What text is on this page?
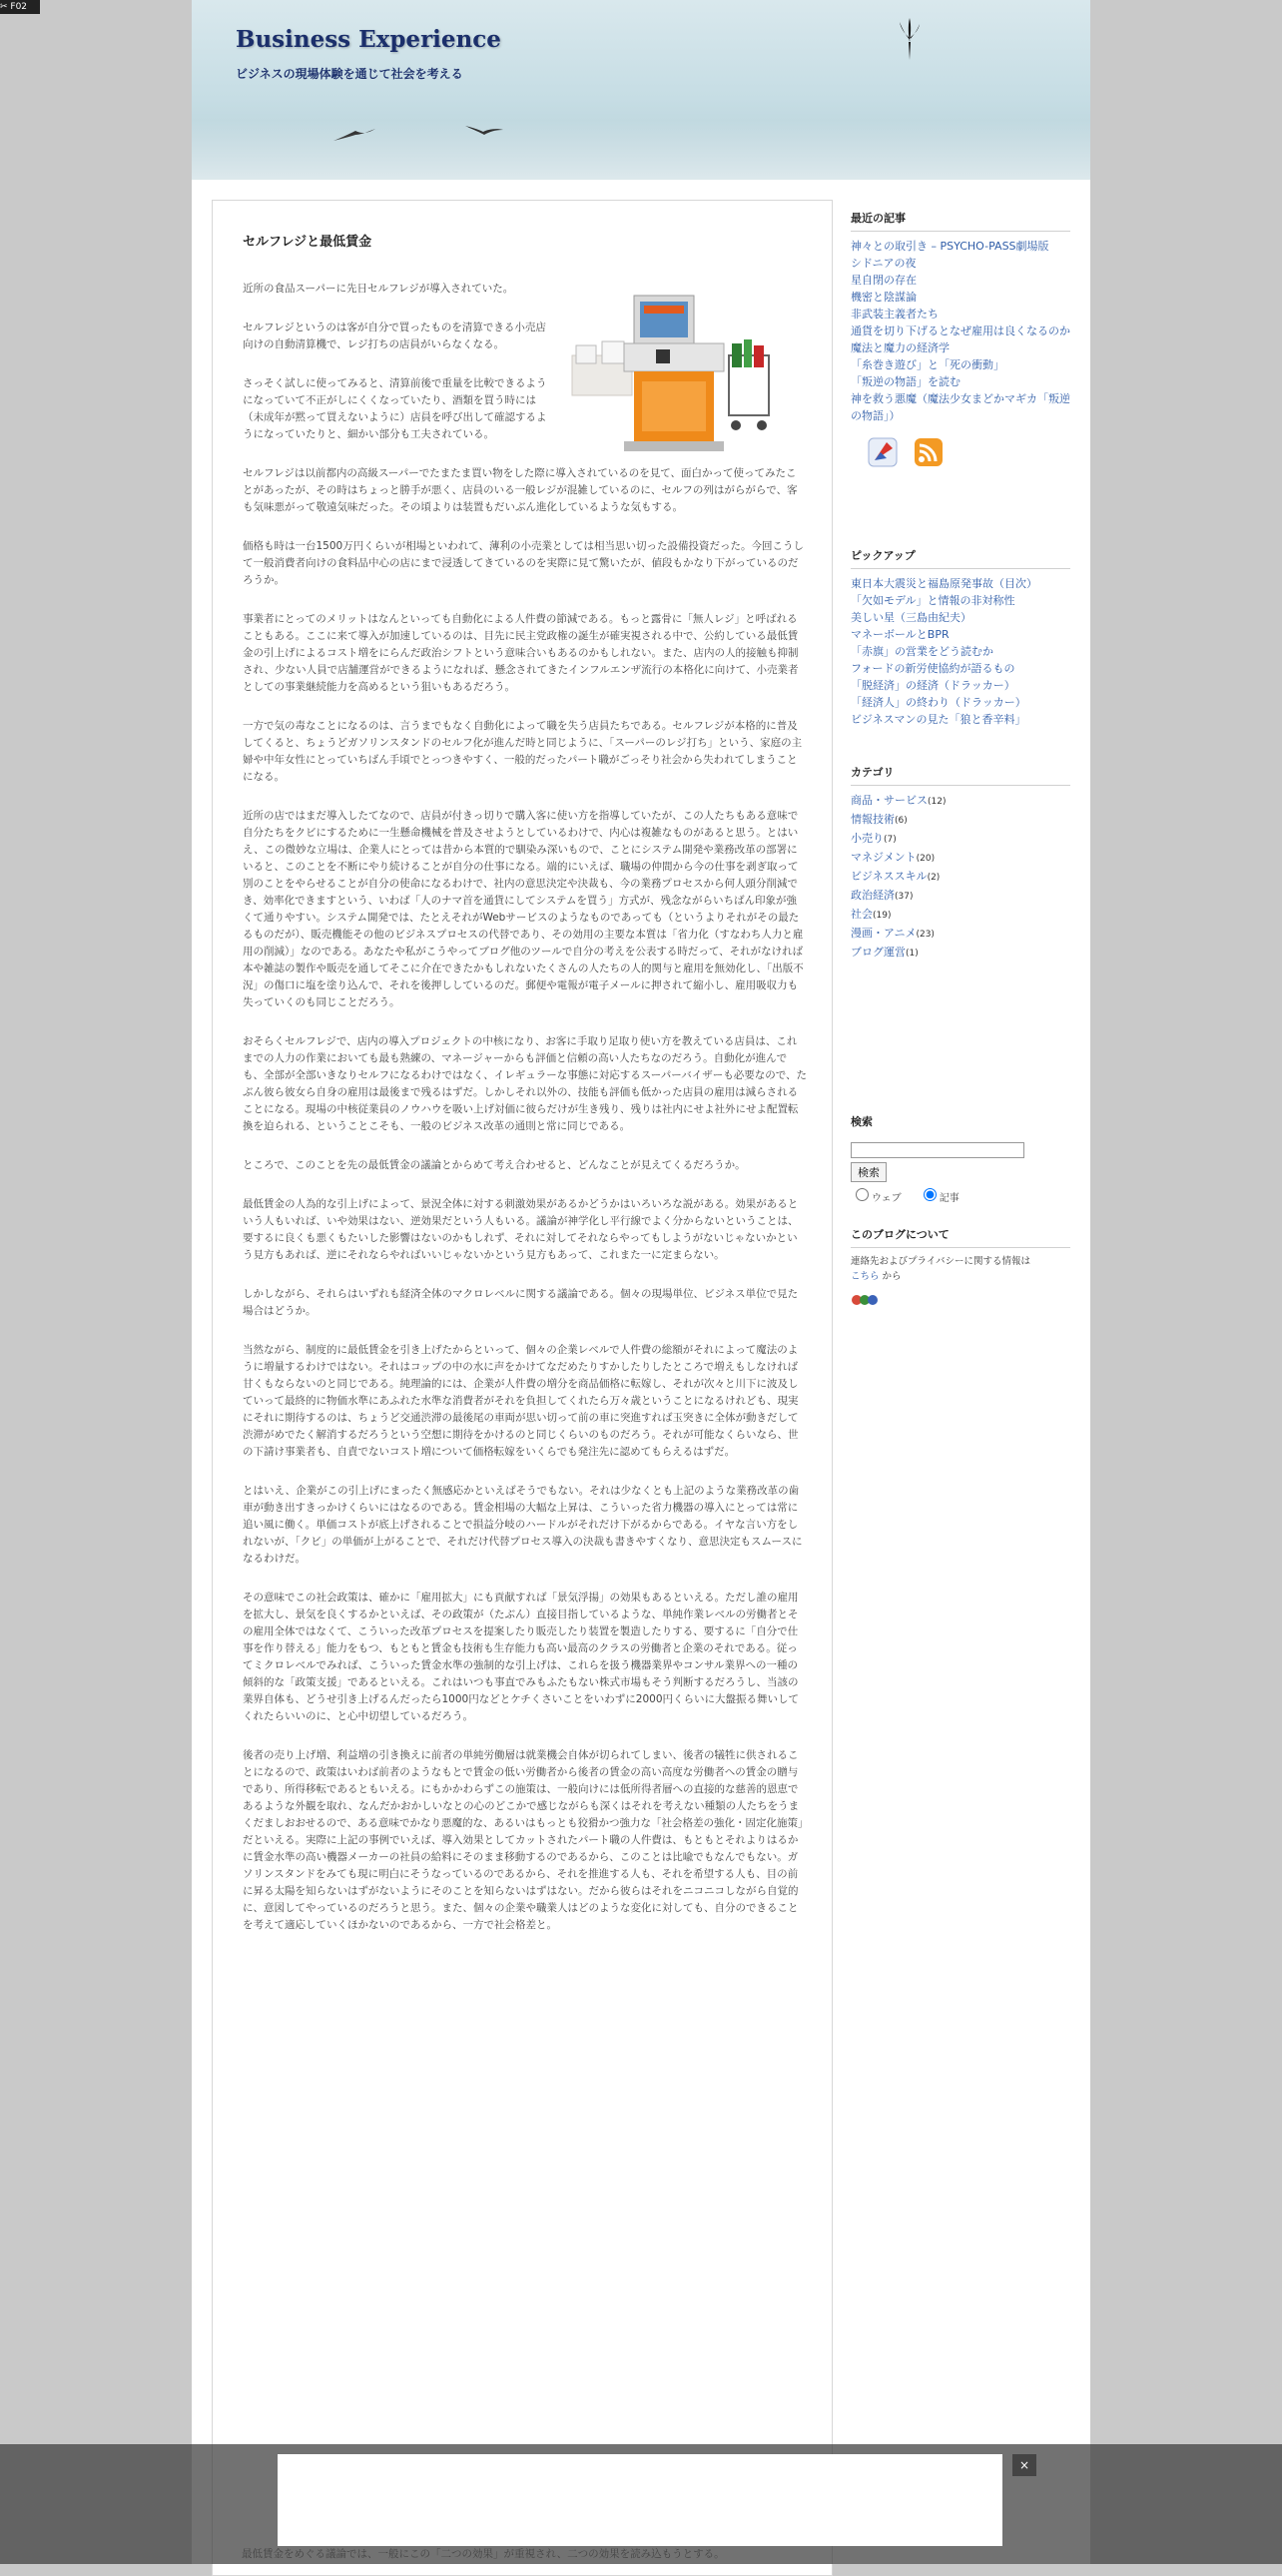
✂ F02
Business Experience
ビジネスの現場体験を通じて社会を考える
セルフレジと最低賃金

近所の食品スーパーに先日セルフレジが導入されていた。

セルフレジというのは客が自分で買ったものを清算できる小売店向けの自動清算機で、レジ打ちの店員がいらなくなる。

さっそく試しに使ってみると、清算前後で重量を比較できるようになっていて不正がしにくくなっていたり、酒類を買う時には（未成年が黙って買えないように）店員を呼び出して確認するようになっていたりと、細かい部分も工夫されている。

セルフレジは以前都内の高級スーパーでたまたま買い物をした際に導入されているのを見て、面白かって使ってみたことがあったが、その時はちょっと勝手が悪く、店員のいる一般レジが混雑しているのに、セルフの列はがらがらで、客も気味悪がって敬遠気味だった。その頃よりは装置もだいぶん進化しているような気もする。

価格も時は一台1500万円くらいが相場といわれて、薄利の小売業としては相当思い切った設備投資だった。今回こうして一般消費者向けの食料品中心の店にまで浸透してきているのを実際に見て驚いたが、値段もかなり下がっているのだろうか。

事業者にとってのメリットはなんといっても自動化による人件費の節減である。もっと露骨に「無人レジ」と呼ばれることもある。ここに来て導入が加速しているのは、目先に民主党政権の誕生が確実視される中で、公約している最低賃金の引上げによるコスト増をにらんだ政治シフトという意味合いもあるのかもしれない。また、店内の人的接触も抑制され、少ない人員で店舗運営ができるようになれば、懸念されてきたインフルエンザ流行の本格化に向けて、小売業者としての事業継続能力を高めるという狙いもあるだろう。

一方で気の毒なことになるのは、言うまでもなく自動化によって職を失う店員たちである。セルフレジが本格的に普及してくると、ちょうどガソリンスタンドのセルフ化が進んだ時と同じように、「スーパーのレジ打ち」という、家庭の主婦や中年女性にとっていちばん手頃でとっつきやすく、一般的だったパート職がごっそり社会から失われてしまうことになる。

近所の店ではまだ導入したてなので、店員が付きっ切りで購入客に使い方を指導していたが、この人たちもある意味で自分たちをクビにするために一生懸命機械を普及させようとしているわけで、内心は複雑なものがあると思う。とはいえ、この微妙な立場は、企業人にとっては昔から本質的で馴染み深いもので、ことにシステム開発や業務改革の部署にいると、このことを不断にやり続けることが自分の仕事になる。端的にいえば、職場の仲間から今の仕事を剥ぎ取って別のことをやらせることが自分の使命になるわけで、社内の意思決定や決裁も、今の業務プロセスから何人頭分削減でき、効率化できますという、いわば「人のナマ首を通貨にしてシステムを買う」方式が、残念ながらいちばん印象が強くて通りやすい。システム開発では、たとえそれがWebサービスのようなものであっても（というよりそれがその最たるものだが）、販売機能その他のビジネスプロセスの代替であり、その効用の主要な本質は「省力化（すなわち人力と雇用の削減）」なのである。あなたや私がこうやってブログ他のツールで自分の考えを公表する時だって、それがなければ本や雑誌の製作や販売を通してそこに介在できたかもしれないたくさんの人たちの人的関与と雇用を無効化し、「出版不況」の傷口に塩を塗り込んで、それを後押ししているのだ。郵便や電報が電子メールに押されて縮小し、雇用吸収力も失っていくのも同じことだろう。

おそらくセルフレジで、店内の導入プロジェクトの中核になり、お客に手取り足取り使い方を教えている店員は、これまでの人力の作業においても最も熟練の、マネージャーからも評価と信頼の高い人たちなのだろう。自動化が進んでも、全部が全部いきなりセルフになるわけではなく、イレギュラーな事態に対応するスーパーバイザーも必要なので、たぶん彼ら彼女ら自身の雇用は最後まで残るはずだ。しかしそれ以外の、技能も評価も低かった店員の雇用は減らされることになる。現場の中核従業員のノウハウを吸い上げ対価に彼らだけが生き残り、残りは社内にせよ社外にせよ配置転換を迫られる、ということこそも、一般のビジネス改革の通則と常に同じである。

ところで、このことを先の最低賃金の議論とからめて考え合わせると、どんなことが見えてくるだろうか。

最低賃金の人為的な引上げによって、景況全体に対する刺激効果があるかどうかはいろいろな説がある。効果があるという人もいれば、いや効果はない、逆効果だという人もいる。議論が神学化し平行線でよく分からないということは、要するに良くも悪くもたいした影響はないのかもしれず、それに対してそれならやってもしようがないじゃないかという見方もあれば、逆にそれならやればいいじゃないかという見方もあって、これまた一に定まらない。

しかしながら、それらはいずれも経済全体のマクロレベルに関する議論である。個々の現場単位、ビジネス単位で見た場合はどうか。

当然ながら、制度的に最低賃金を引き上げたからといって、個々の企業レベルで人件費の総額がそれによって魔法のように増量するわけではない。それはコップの中の水に声をかけてなだめたりすかしたりしたところで増えもしなければ甘くもならないのと同じである。純理論的には、企業が人件費の増分を商品価格に転嫁し、それが次々と川下に波及していって最終的に物価水準にあふれた水準な消費者がそれを負担してくれたら万々歳ということになるけれども、現実にそれに期待するのは、ちょうど交通渋滞の最後尾の車両が思い切って前の車に突進すれば玉突きに全体が動きだして渋滞がめでたく解消するだろうという空想に期待をかけるのと同じくらいのものだろう。それが可能なくらいなら、世の下請け事業者も、自責でないコスト増について価格転嫁をいくらでも発注先に認めてもらえるはずだ。

とはいえ、企業がこの引上げにまったく無感応かといえばそうでもない。それは少なくとも上記のような業務改革の歯車が動き出すきっかけくらいにはなるのである。賃金相場の大幅な上昇は、こういった省力機器の導入にとっては常に追い風に働く。単価コストが底上げされることで損益分岐のハードルがそれだけ下がるからである。イヤな言い方をしれないが、「クビ」の単価が上がることで、それだけ代替プロセス導入の決裁も書きやすくなり、意思決定もスムースになるわけだ。

その意味でこの社会政策は、確かに「雇用拡大」にも貢献すれば「景気浮揚」の効果もあるといえる。ただし誰の雇用を拡大し、景気を良くするかといえば、その政策が（たぶん）直接目指しているような、単純作業レベルの労働者とその雇用全体ではなくて、こういった改革プロセスを提案したり販売したり装置を製造したりする、要するに「自分で仕事を作り替える」能力をもつ、もともと賃金も技術も生存能力も高い最高のクラスの労働者と企業のそれである。従ってミクロレベルでみれば、こういった賃金水準の強制的な引上げは、これらを扱う機器業界やコンサル業界への一種の傾斜的な「政策支援」であるといえる。これはいつも事直でみもふたもない株式市場もそう判断するだろうし、当該の業界自体も、どうせ引き上げるんだったら1000円などとケチくさいことをいわずに2000円くらいに大盤振る舞いしてくれたらいいのに、と心中切望しているだろう。

後者の売り上げ増、利益増の引き換えに前者の単純労働層は就業機会自体が切られてしまい、後者の犠牲に供されることになるので、政策はいわば前者のようなもとで賃金の低い労働者から後者の賃金の高い高度な労働者への賃金の贈与であり、所得移転であるともいえる。にもかかわらずこの施策は、一般向けには低所得者層への直接的な慈善的恩恵であるような外観を取れ、なんだかおかしいなとの心のどこかで感じながらも深くはそれを考えない種類の人たちをうまくだましおおせるので、ある意味でかなり悪魔的な、あるいはもっとも狡猾かつ強力な「社会格差の強化・固定化施策」だといえる。実際に上記の事例でいえば、導入効果としてカットされたパート職の人件費は、もともとそれよりはるかに賃金水準の高い機器メーカーの社員の給料にそのまま移動するのであるから、このことは比喩でもなんでもない。ガソリンスタンドをみても現に明白にそうなっているのであるから、それを推進する人も、それを希望する人も、目の前に昇る太陽を知らないはずがないようにそのことを知らないはずはない。だから彼らはそれをニコニコしながら自覚的に、意図してやっているのだろうと思う。また、個々の企業や職業人はどのような変化に対しても、自分のできることを考えて適応していくほかないのであるから、一方で社会格差と。

最近の記事
神々との取引き – PSYCHO-PASS劇場版
シドニアの夜
星自閉の存在
機密と陰謀論
非武装主義者たち
通貨を切り下げるとなぜ雇用は良くなるのか
魔法と魔力の経済学
「糸巻き遊び」と「死の衝動」
「叛逆の物語」を読む
神を救う悪魔（魔法少女まどかマギカ「叛逆の物語」）

ピックアップ
東日本大震災と福島原発事故（目次）
「欠如モデル」と情報の非対称性
美しい星（三島由紀夫）
マネーボールとBPR
「赤旗」の営業をどう読むか
フォードの新労使協約が語るもの
「脱経済」の経済（ドラッカー）
「経済人」の終わり（ドラッカー）
ビジネスマンの見た「狼と香辛料」
カテゴリ
商品・サービス(12)
情報技術(6)
小売り(7)
マネジメント(20)
ビジネススキル(2)
政治経済(37)
社会(19)
漫画・アニメ(23)
ブログ運営(1)
検索
検索
ウェブ	記事
このブログについて
連絡先およびプライバシーに関する情報は
こちら から
×
最低賃金をめぐる議論では、一般にこの「二つの効果」が重視され、二つの効果を読み込もうとする。
